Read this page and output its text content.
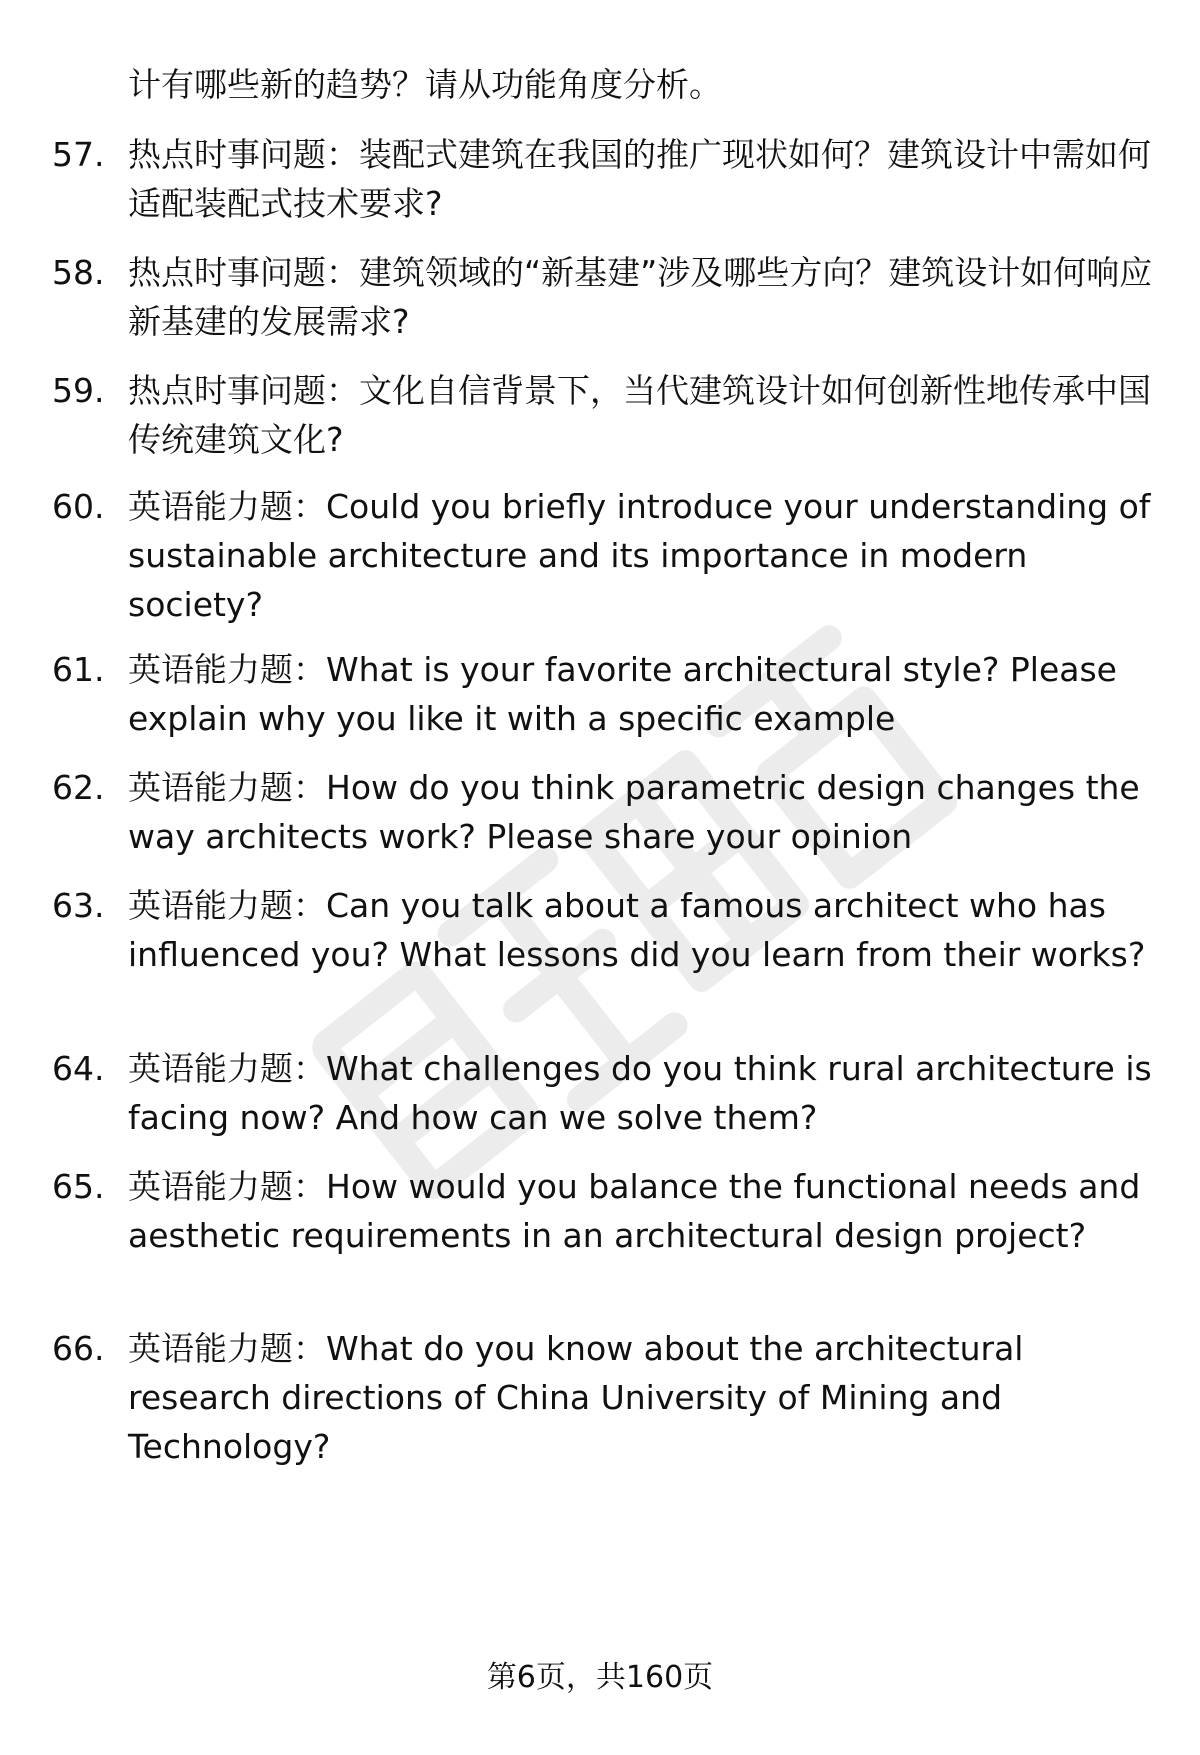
计有哪些新的趋势？请从功能角度分析。

57. 热点时事问题：装配式建筑在我国的推广现状如何？建筑设计中需如何适配装配式技术要求?

58. 热点时事问题：建筑领域的“新基建”涉及哪些方向？建筑设计如何响应新基建的发展需求?

59. 热点时事问题：文化自信背景下，当代建筑设计如何创新性地传承中国传统建筑文化?

60. 英语能力题：Could you briefly introduce your understanding of sustainable architecture and its importance in modern society?

61. 英语能力题：What is your favorite architectural style? Please explain why you like it with a specific example

62. 英语能力题：How do you think parametric design changes the way architects work? Please share your opinion

63. 英语能力题：Can you talk about a famous architect who has influenced you? What lessons did you learn from their works?

64. 英语能力题：What challenges do you think rural architecture is facing now? And how can we solve them?

65. 英语能力题：How would you balance the functional needs and aesthetic requirements in an architectural design project?

66. 英语能力题：What do you know about the architectural research directions of China University of Mining and Technology?

第6页，共160页
